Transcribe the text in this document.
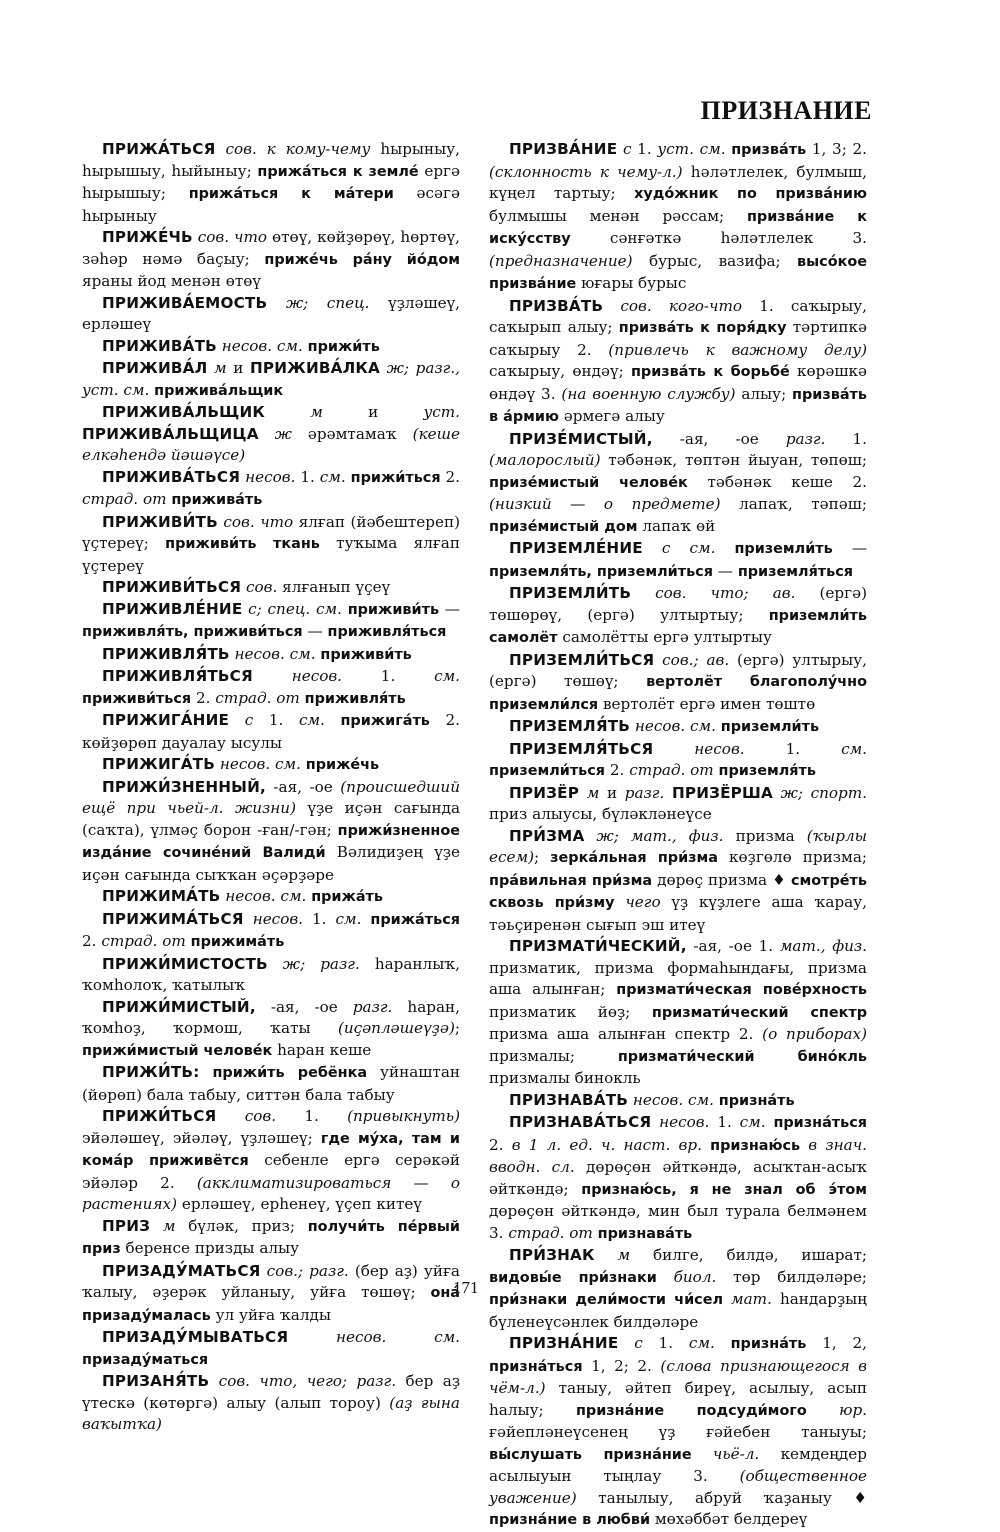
ПРИЗНАНИЕ

ПРИЖА́ТЬСЯ сов. к кому-чему һырыныу, һырышыу, һыйыныу; прижа́ться к земле́ ергә һырышыу; прижа́ться к ма́тери әсәгә һырыныу

ПРИЖЕ́ЧЬ сов. что өтөү, көйҙөрөү, һөртөү, зәһәр нәмә баҫыу; приже́чь ра́ну йо́дом яраны йод менән өтөү

ПРИЖИВА́ЕМОСТЬ ж; спец. үҙләшеү, ерләшеү

ПРИЖИВА́ТЬ несов. см. прижи́ть

ПРИЖИВА́Л м и ПРИЖИВА́ЛКА ж; разг., уст. см. прижива́льщик

ПРИЖИВА́ЛЬЩИК м и уст. ПРИЖИВА́ЛЬЩИЦА ж әрәмтамаҡ (кеше елкәһендә йәшәүсе)

ПРИЖИВА́ТЬСЯ несов. 1. см. прижи́ться 2. страд. от прижива́ть

ПРИЖИВИ́ТЬ сов. что ялғап (йәбештереп) үҫтереү; приживи́ть ткань туҡыма ялғап үҫтереү

ПРИЖИВИ́ТЬСЯ сов. ялғанып үҫеү

ПРИЖИВЛЕ́НИЕ с; спец. см. приживи́ть — приживля́ть, приживи́ться — приживля́ться

ПРИЖИВЛЯ́ТЬ несов. см. приживи́ть

ПРИЖИВЛЯ́ТЬСЯ несов. 1. см. приживи́ться 2. страд. от приживля́ть

ПРИЖИГА́НИЕ с 1. см. прижига́ть 2. көйҙөрөп дауалау ысулы

ПРИЖИГА́ТЬ несов. см. приже́чь

ПРИЖИ́ЗНЕННЫЙ, -ая, -ое (происшедший ещё при чьей-л. жизни) үҙе иҫән сағында (саҡта), үлмәҫ борон -ған/-гән; прижи́зненное изда́ние сочине́ний Валиди́ Вәлидиҙең үҙе иҫән сағында сыҡҡан әҫәрҙәре

ПРИЖИМА́ТЬ несов. см. прижа́ть

ПРИЖИМА́ТЬСЯ несов. 1. см. прижа́ться 2. страд. от прижима́ть

ПРИЖИ́МИСТОСТЬ ж; разг. һаранлыҡ, ҡомһолоҡ, ҡатылыҡ

ПРИЖИ́МИСТЫЙ, -ая, -ое разг. һаран, ҡомһоҙ, ҡормош, ҡаты (иҫәпләшеүҙә); прижи́мистый челове́к һаран кеше

ПРИЖИ́ТЬ: прижи́ть ребёнка уйнаштан (йөрөп) бала табыу, ситтән бала табыу

ПРИЖИ́ТЬСЯ сов. 1. (привыкнуть) эйәләшеү, эйәләү, үҙләшеү; где му́ха, там и кома́р приживётся себенле ергә серәкәй эйәләр 2. (акклиматизироваться — о растениях) ерләшеү, ерһенеү, үҫеп китеү

ПРИЗ м бүләк, приз; получи́ть пе́рвый приз беренсе призды алыу

ПРИЗАДУ́МАТЬСЯ сов.; разг. (бер аҙ) уйға ҡалыу, әҙерәк уйланыу, уйға төшөү; она́ призаду́малась ул уйға ҡалды

ПРИЗАДУ́МЫВАТЬСЯ несов. см. призаду́маться

ПРИЗАНЯ́ТЬ сов. что, чего; разг. бер аҙ үтескә (көтөргә) алыу (алып тороу) (аҙ ғына ваҡытҡа)

ПРИЗВА́НИЕ с 1. уст. см. призва́ть 1, 3; 2. (склонность к чему-л.) һәләтлелек, булмыш, күңел тартыу; худо́жник по призва́нию булмышы менән рәссам; призва́ние к иску́сству сәнғәткә һәләтлелек 3. (предназначение) бурыс, вазифа; высо́кое призва́ние юғары бурыс

ПРИЗВА́ТЬ сов. кого-что 1. саҡырыу, саҡырып алыу; призва́ть к поря́дку тәртипкә саҡырыу 2. (привлечь к важному делу) саҡырыу, өндәү; призва́ть к борьбе́ көрәшкә өндәү 3. (на военную службу) алыу; призва́ть в а́рмию әрмегә алыу

ПРИЗЕ́МИСТЫЙ, -ая, -ое разг. 1. (малорослый) тәбәнәк, төптән йыуан, төпөш; призе́мистый челове́к тәбәнәк кеше 2. (низкий — о предмете) лапаҡ, тәпәш; призе́мистый дом лапаҡ өй

ПРИЗЕМЛЕ́НИЕ с см. приземли́ть — приземля́ть, приземли́ться — приземля́ться

ПРИЗЕМЛИ́ТЬ сов. что; ав. (ергә) төшөрөү, (ергә) ултыртыу; приземли́ть самолёт самолётты ергә ултыртыу

ПРИЗЕМЛИ́ТЬСЯ сов.; ав. (ергә) ултырыу, (ергә) төшөү; вертолёт благополу́чно приземли́лся вертолёт ергә имен төштө

ПРИЗЕМЛЯ́ТЬ несов. см. приземли́ть

ПРИЗЕМЛЯ́ТЬСЯ несов. 1. см. приземли́ться 2. страд. от приземля́ть

ПРИЗЁР м и разг. ПРИЗЁРША ж; спорт. приз алыусы, бүләкләнеүсе

ПРИ́ЗМА ж; мат., физ. призма (ҡырлы есем); зерка́льная при́зма көҙгөлө призма; пра́вильная при́зма дөрөҫ призма ♦ смотре́ть сквозь при́зму чего үҙ күҙлеге аша ҡарау, тәьҫиренән сығып эш итеү

ПРИЗМАТИ́ЧЕСКИЙ, -ая, -ое 1. мат., физ. призматик, призма формаһындағы, призма аша алынған; призмати́ческая пове́рхность призматик йөҙ; призмати́ческий спектр призма аша алынған спектр 2. (о приборах) призмалы; призмати́ческий бино́кль призмалы бинокль

ПРИЗНАВА́ТЬ несов. см. призна́ть

ПРИЗНАВА́ТЬСЯ несов. 1. см. призна́ться 2. в 1 л. ед. ч. наст. вр. признаю́сь в знач. вводн. сл. дөрөҫөн әйткәндә, асыҡтан-асыҡ әйткәндә; признаю́сь, я не знал об э́том дөрөҫөн әйткәндә, мин был турала белмәнем 3. страд. от признава́ть

ПРИ́ЗНАК м билге, билдә, ишарат; видовы́е при́знаки биол. төр билдәләре; при́знаки дели́мости чи́сел мат. һандарҙың бүленеүсәнлек билдәләре

ПРИЗНА́НИЕ с 1. см. призна́ть 1, 2, призна́ться 1, 2; 2. (слова признающегося в чём-л.) таныу, әйтеп биреү, асылыу, асып һалыу; призна́ние подсуди́мого юр. ғәйепләнеүсенең үҙ ғәйебен таныуы; вы́слушать призна́ние чьё-л. кемдеңдер асылыуын тыңлау 3. (общественное уважение) танылыу, абруй ҡаҙаныу ♦ призна́ние в любви́ мөхәббәт белдереү

171
